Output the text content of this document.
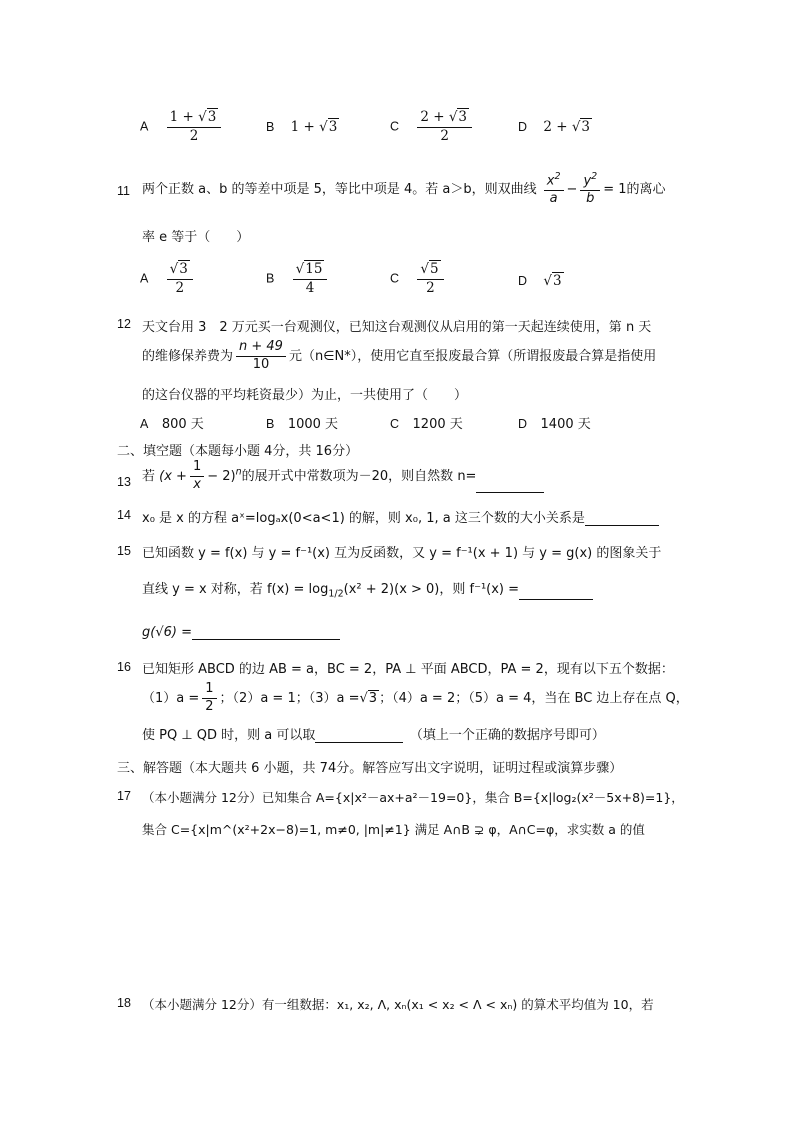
A $\frac{1 + √3}{2}$	B 1 + √3	C $\frac{2 + √3}{2}$	D 2 + √3
11 两个正数 a、b 的等差中项是 5，等比中项是 4。若 a＞b，则双曲线 $\frac{x^2}{a} - \frac{y^2}{b} = 1$的离心
率 e 等于（　　）
A $\frac{√3}{2}$	B $\frac{√15}{4}$	C $\frac{√5}{2}$	D √3
12 天文台用 3　2 万元买一台观测仪，已知这台观测仪从启用的第一天起连续使用，第 n 天
的维修保养费为 $\frac{n + 49}{10}$ 元（n∈N*），使用它直至报废最合算（所谓报废最合算是指使用
的这台仪器的平均耗资最少）为止，一共使用了（　　）
A　 800 天	B　 1000 天	C　 1200 天	D　 1400 天
二、填空题（本题每小题 4分，共 16分）
13 若 $(x + \frac{1}{x} - 2)^n$的展开式中常数项为－20，则自然数 n=
14 x₀ 是 x 的方程 aˣ=logₐx(0<a<1) 的解，则 x₀, 1, a 这三个数的大小关系是
15 已知函数 y = f(x) 与 y = f⁻¹(x) 互为反函数，又 y = f⁻¹(x + 1) 与 y = g(x) 的图象关于
直线 y = x 对称，若 $f(x) = \log_{1/2}(x^2 + 2)(x > 0)$，则 f⁻¹(x) =
g(√6) =
16 已知矩形 ABCD 的边 AB = a，BC = 2，PA ⊥ 平面 ABCD，PA = 2，现有以下五个数据：
$(1)a = \frac{1}{2}$ ；（2）a = 1；（3）a =√3 ；（4）a = 2；（5）a = 4，当在 BC 边上存在点 Q，
使 PQ ⊥ QD 时，则 a 可以取　	（填上一个正确的数据序号即可）
三、解答题（本大题共 6 小题，共 74分。解答应写出文字说明，证明过程或演算步骤）
17 （本小题满分 12分）已知集合 A={x|x²－ax+a²－19=0}，集合 B={x|log₂(x²－5x+8)=1}，
集合 C={x|m^(x²+2x−8)=1, m≠0, |m|≠1} 满足 A∩B ⊋ φ，A∩C=φ，求实数 a 的值
18 （本小题满分 12分）有一组数据：x₁, x₂, Λ, xₙ(x₁ < x₂ < Λ < xₙ) 的算术平均值为 10，若
